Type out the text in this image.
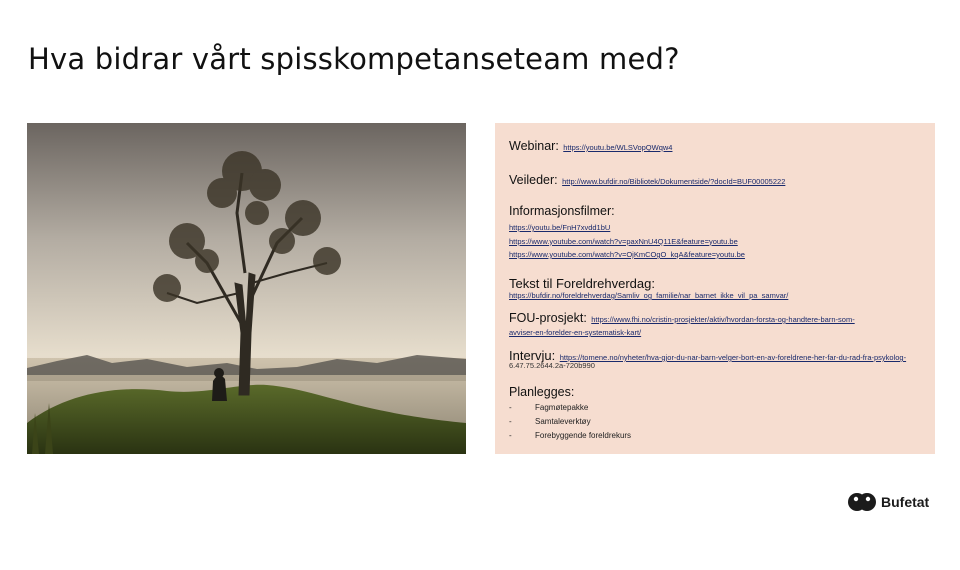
Hva bidrar vårt spisskompetanseteam med?
FRANK RUNE ISAKSEN
www.frikant.no
Webinar: https://youtu.be/WLSVopQWqw4
Veileder: http://www.bufdir.no/Bibliotek/Dokumentside/?docId=BUF00005222
Informasjonsfilmer:
https://youtu.be/FnH7xvdd1bU
https://www.youtube.com/watch?v=paxNnU4Q11E&feature=youtu.be
https://www.youtube.com/watch?v=OjKmCOgO_kqA&feature=youtu.be
Tekst til Foreldrehverdag:
https://bufdir.no/foreldrehverdag/Samliv_og_familie/nar_barnet_ikke_vil_pa_samvar/
FOU-prosjekt: https://www.fhi.no/cristin-prosjekter/aktiv/hvordan-forsta-og-handtere-barn-som-
avviser-en-forelder-en-systematisk-kart/
Intervju: https://tomene.no/nyheter/hva-gjor-du-nar-barn-velger-bort-en-av-foreldrene-her-far-du-rad-fra-psykolog-
6.47.75.2644.2a-720b990
Planlegges:
-	Fagmøtepakke
-	Samtaleverktøy
-	Forebyggende foreldrekurs
Bufetat
